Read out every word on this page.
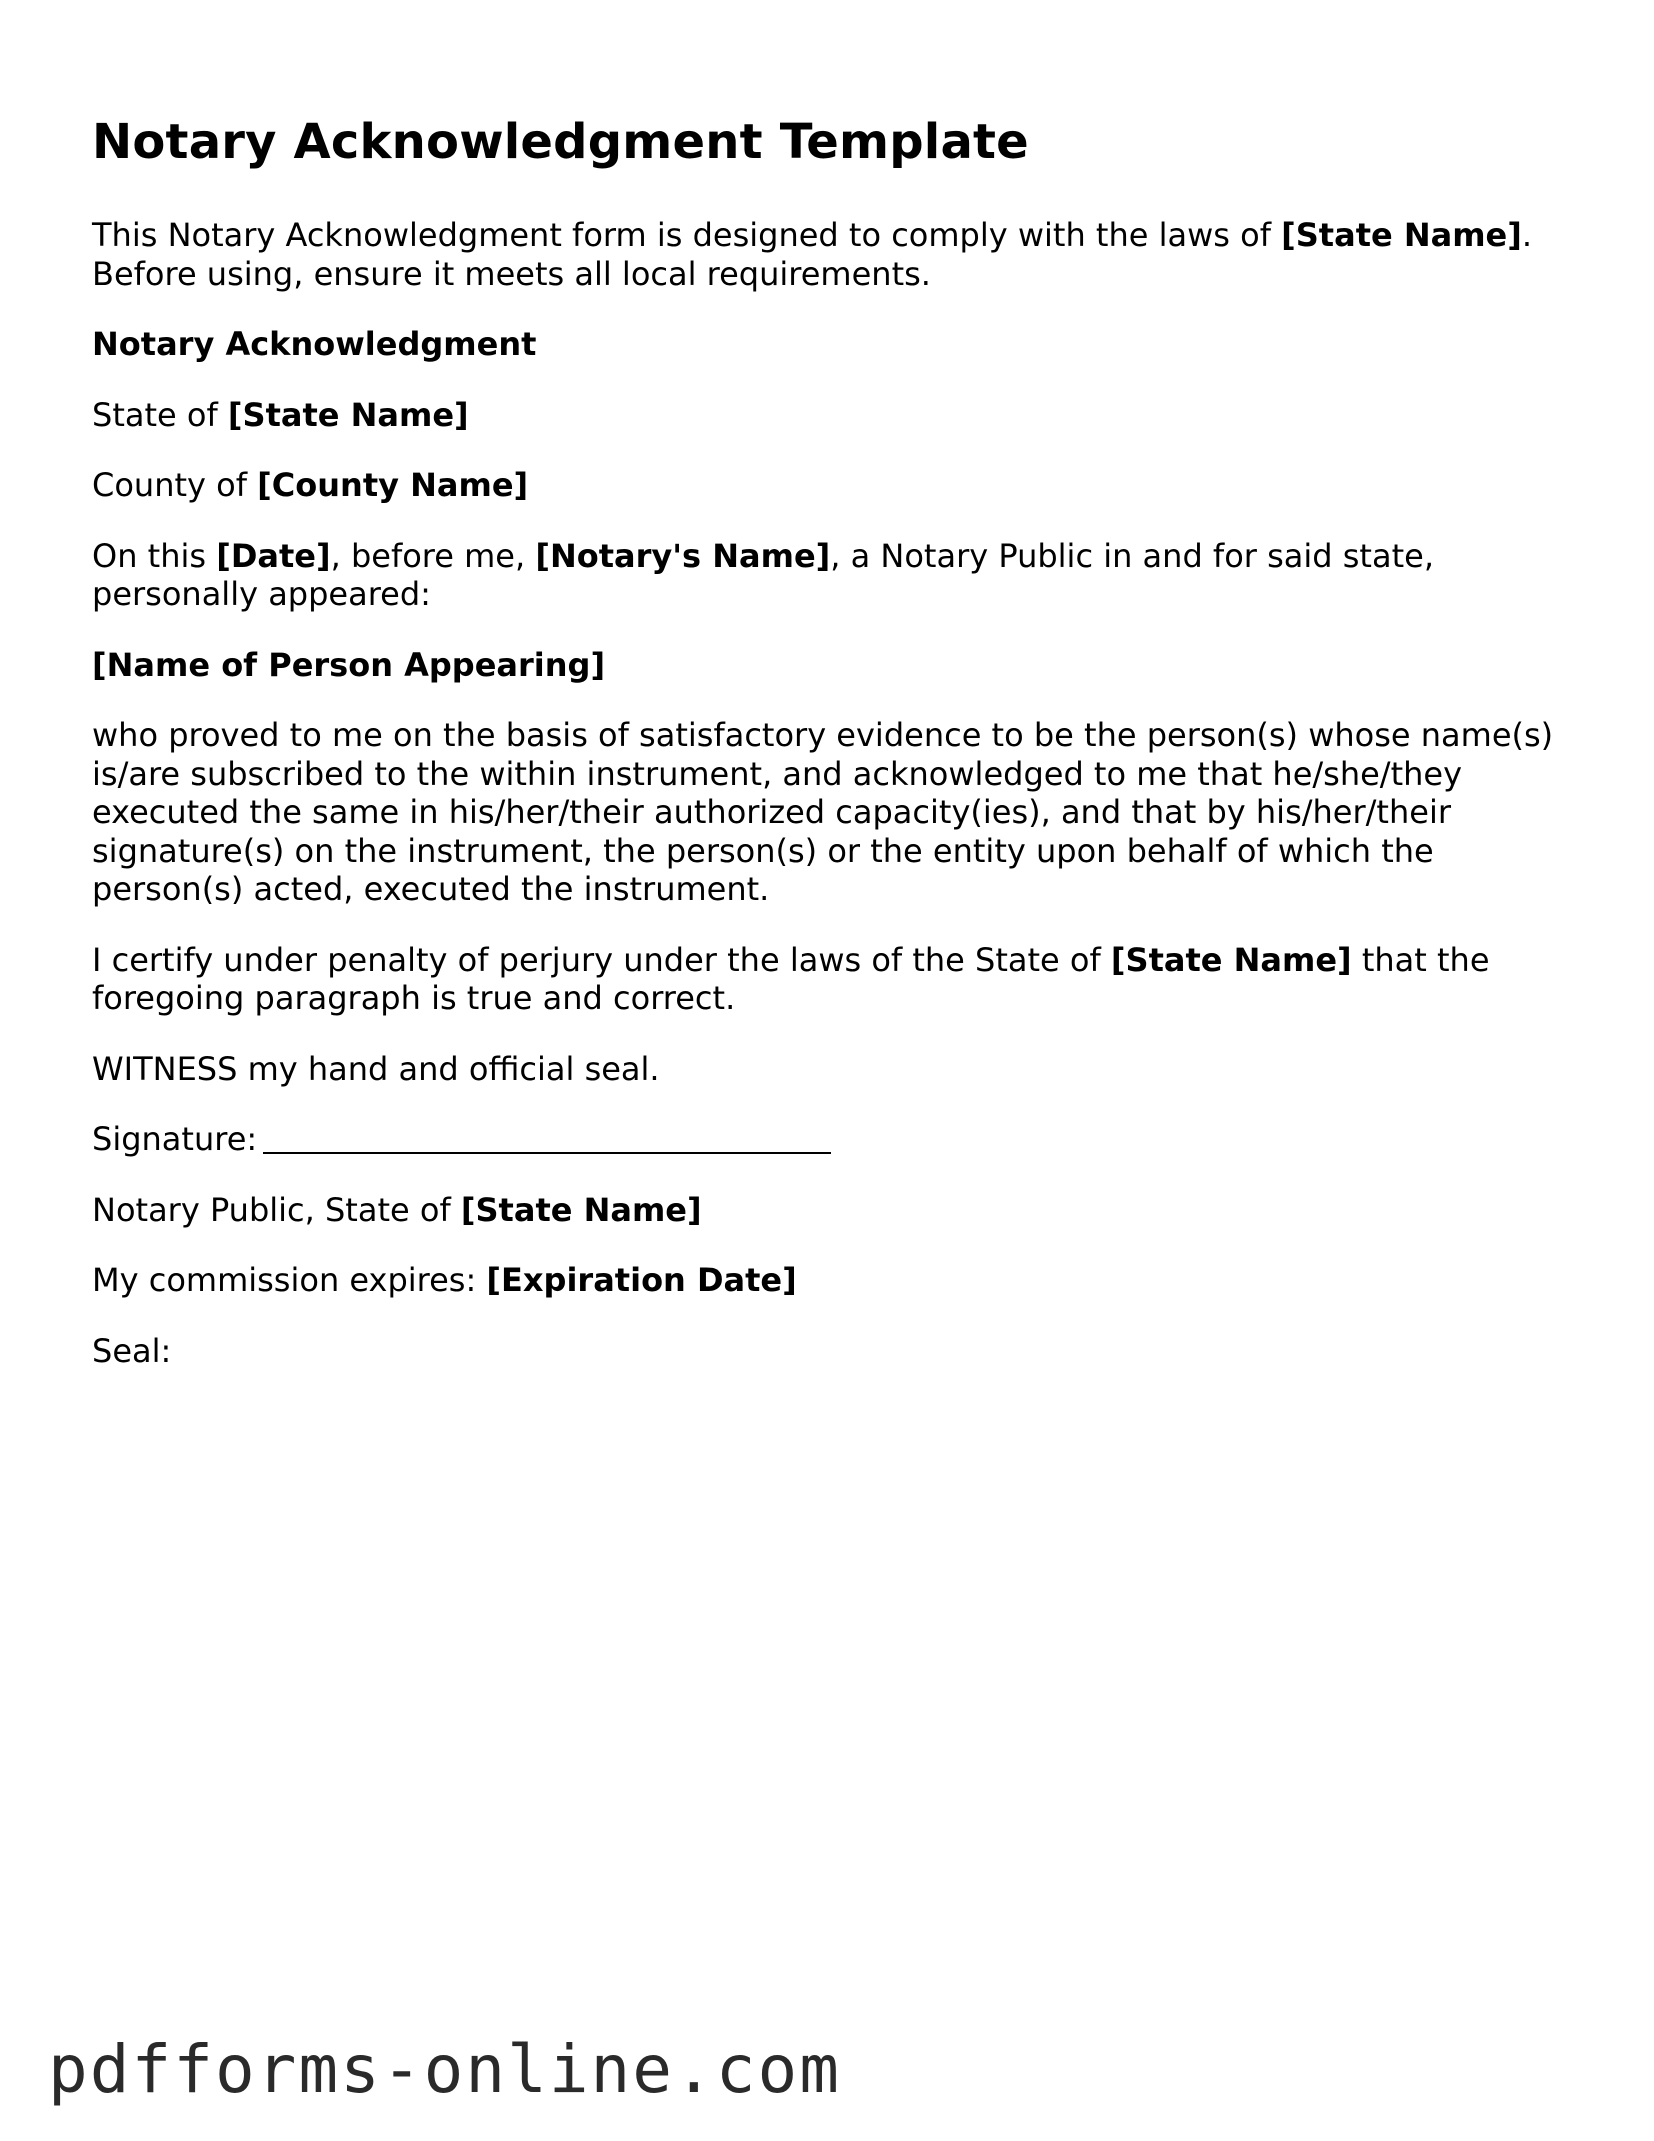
Notary Acknowledgment Template

This Notary Acknowledgment form is designed to comply with the laws of [State Name]. Before using, ensure it meets all local requirements.

Notary Acknowledgment

State of [State Name]

County of [County Name]

On this [Date], before me, [Notary's Name], a Notary Public in and for said state, personally appeared:

[Name of Person Appearing]

who proved to me on the basis of satisfactory evidence to be the person(s) whose name(s) is/are subscribed to the within instrument, and acknowledged to me that he/she/they executed the same in his/her/their authorized capacity(ies), and that by his/her/their signature(s) on the instrument, the person(s) or the entity upon behalf of which the person(s) acted, executed the instrument.

I certify under penalty of perjury under the laws of the State of [State Name] that the foregoing paragraph is true and correct.

WITNESS my hand and official seal.

Signature:

Notary Public, State of [State Name]

My commission expires: [Expiration Date]

Seal:

pdfforms-online.com
